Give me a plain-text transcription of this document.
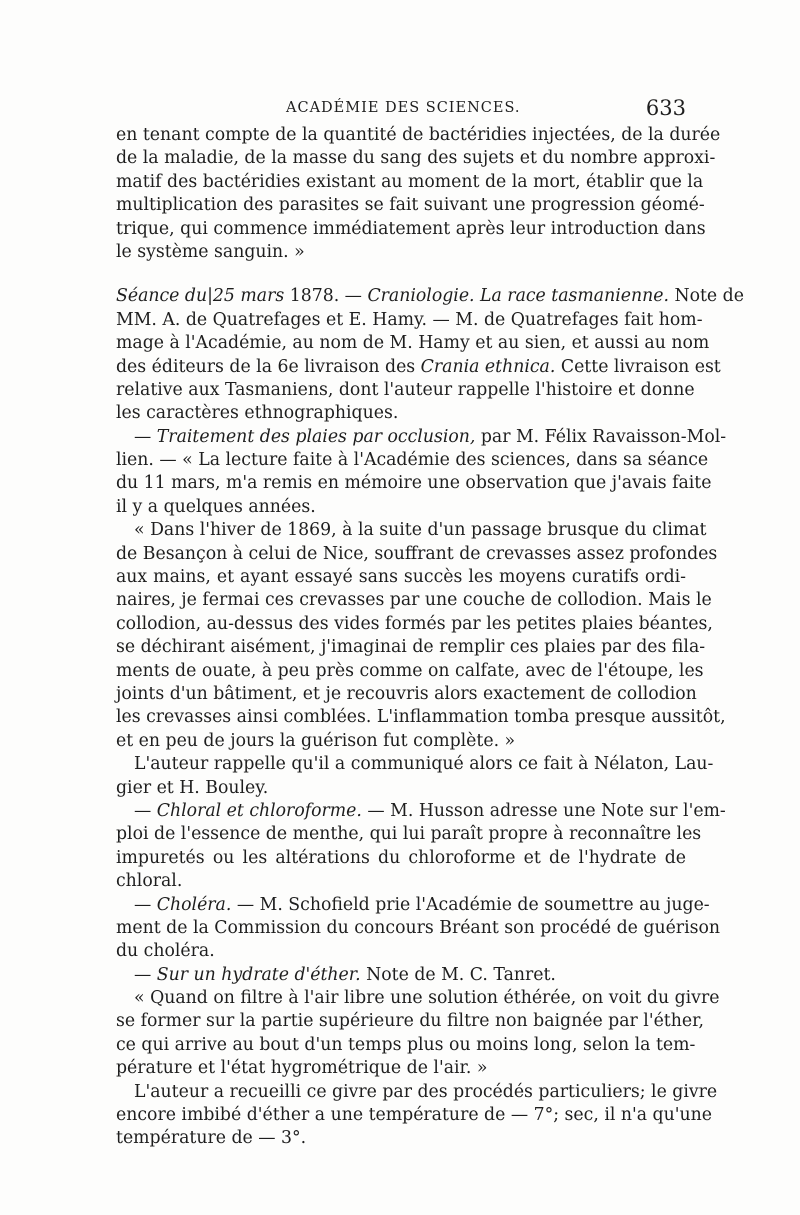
ACADÉMIE DES SCIENCES.	633
en tenant compte de la quantité de bactéridies injectées, de la durée
de la maladie, de la masse du sang des sujets et du nombre approxi-
matif des bactéridies existant au moment de la mort, établir que la
multiplication des parasites se fait suivant une progression géomé-
trique, qui commence immédiatement après leur introduction dans
le système sanguin. »
Séance du|25 mars 1878. — Craniologie. La race tasmanienne. Note de
MM. A. de Quatrefages et E. Hamy. — M. de Quatrefages fait hom-
mage à l'Académie, au nom de M. Hamy et au sien, et aussi au nom
des éditeurs de la 6e livraison des Crania ethnica. Cette livraison est
relative aux Tasmaniens, dont l'auteur rappelle l'histoire et donne
les caractères ethnographiques.
— Traitement des plaies par occlusion, par M. Félix Ravaisson-Mol-
lien. — « La lecture faite à l'Académie des sciences, dans sa séance
du 11 mars, m'a remis en mémoire une observation que j'avais faite
il y a quelques années.
« Dans l'hiver de 1869, à la suite d'un passage brusque du climat
de Besançon à celui de Nice, souffrant de crevasses assez profondes
aux mains, et ayant essayé sans succès les moyens curatifs ordi-
naires, je fermai ces crevasses par une couche de collodion. Mais le
collodion, au-dessus des vides formés par les petites plaies béantes,
se déchirant aisément, j'imaginai de remplir ces plaies par des fila-
ments de ouate, à peu près comme on calfate, avec de l'étoupe, les
joints d'un bâtiment, et je recouvris alors exactement de collodion
les crevasses ainsi comblées. L'inflammation tomba presque aussitôt,
et en peu de jours la guérison fut complète. »
L'auteur rappelle qu'il a communiqué alors ce fait à Nélaton, Lau-
gier et H. Bouley.
— Chloral et chloroforme. — M. Husson adresse une Note sur l'em-
ploi de l'essence de menthe, qui lui paraît propre à reconnaître les
impuretés ou les altérations du chloroforme et de l'hydrate de
chloral.
— Choléra. — M. Schofield prie l'Académie de soumettre au juge-
ment de la Commission du concours Bréant son procédé de guérison
du choléra.
— Sur un hydrate d'éther. Note de M. C. Tanret.
« Quand on filtre à l'air libre une solution éthérée, on voit du givre
se former sur la partie supérieure du filtre non baignée par l'éther,
ce qui arrive au bout d'un temps plus ou moins long, selon la tem-
pérature et l'état hygrométrique de l'air. »
L'auteur a recueilli ce givre par des procédés particuliers; le givre
encore imbibé d'éther a une température de — 7°; sec, il n'a qu'une
température de — 3°.
